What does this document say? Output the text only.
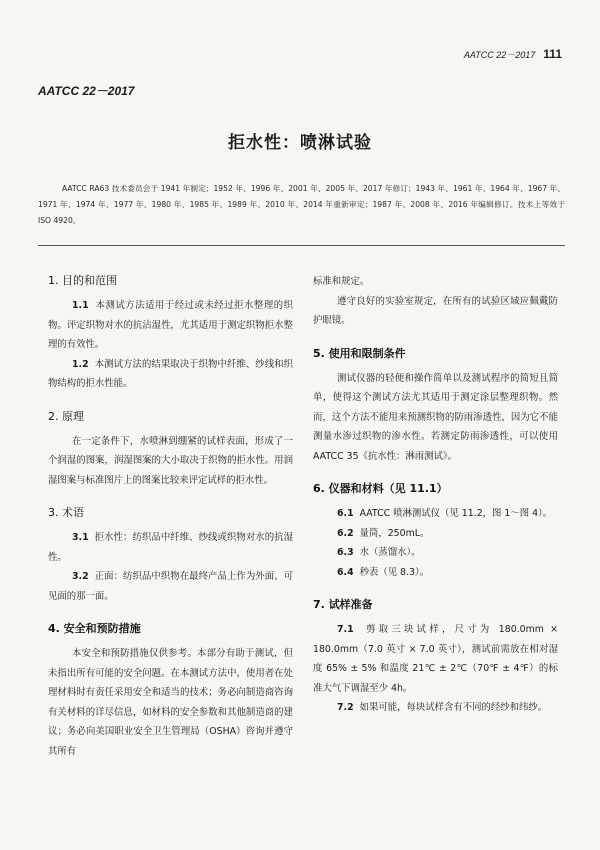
AATCC 22－2017 111
AATCC 22－2017
拒水性：喷淋试验

AATCC RA63 技术委员会于 1941 年制定；1952 年、1996 年、2001 年、2005 年、2017 年修订；1943 年、1961 年、1964 年、1967 年、1971 年、1974 年、1977 年、1980 年、1985 年、1989 年、2010 年、2014 年重新审定；1987 年、2008 年、2016 年编辑修订。技术上等效于 ISO 4920。

1. 目的和范围

1.1 本测试方法适用于经过或未经过拒水整理的织物。评定织物对水的抗沾湿性，尤其适用于测定织物拒水整理的有效性。

1.2 本测试方法的结果取决于织物中纤维、纱线和织物结构的拒水性能。

2. 原理

在一定条件下，水喷淋到绷紧的试样表面，形成了一个润湿的图案，润湿图案的大小取决于织物的拒水性。用润湿图案与标准图片上的图案比较来评定试样的拒水性。

3. 术语

3.1 拒水性：纺织品中纤维、纱线或织物对水的抗湿性。

3.2 正面：纺织品中织物在最终产品上作为外面、可见面的那一面。

4. 安全和预防措施

本安全和预防措施仅供参考。本部分有助于测试，但未指出所有可能的安全问题。在本测试方法中，使用者在处理材料时有责任采用安全和适当的技术；务必向制造商咨询有关材料的详尽信息，如材料的安全参数和其他制造商的建议；务必向美国职业安全卫生管理局（OSHA）咨询并遵守其所有

标准和规定。

遵守良好的实验室规定，在所有的试验区域应佩戴防护眼镜。

5. 使用和限制条件

测试仪器的轻便和操作简单以及测试程序的简短且简单，使得这个测试方法尤其适用于测定涂层整理织物。然而，这个方法不能用来预测织物的防雨渗透性，因为它不能测量水渗过织物的渗水性。若测定防雨渗透性，可以使用 AATCC 35《抗水性：淋雨测试》。

6. 仪器和材料（见 11.1）

6.1 AATCC 喷淋测试仪（见 11.2，图 1～图 4）。

6.2 量筒，250mL。

6.3 水（蒸馏水）。

6.4 秒表（见 8.3）。

7. 试样准备

7.1 剪取三块试样，尺寸为 180.0mm × 180.0mm（7.0 英寸 × 7.0 英寸），测试前需放在相对湿度 65% ± 5% 和温度 21℃ ± 2℃（70℉ ± 4℉）的标准大气下调湿至少 4h。

7.2 如果可能，每块试样含有不同的经纱和纬纱。
